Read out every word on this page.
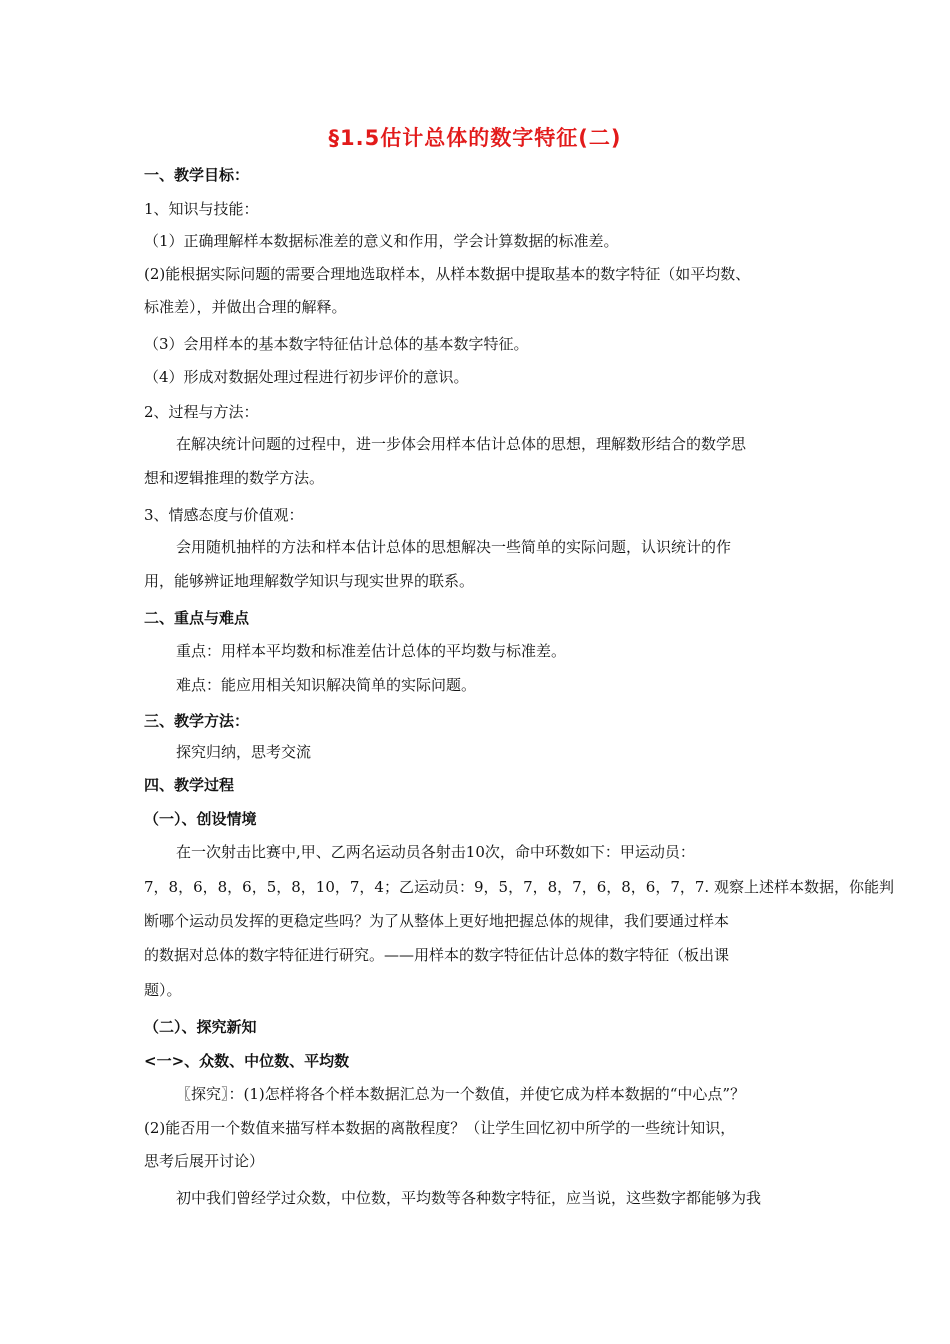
§1.5估计总体的数字特征(二)
一、教学目标：
1、知识与技能：
（1）正确理解样本数据标准差的意义和作用，学会计算数据的标准差。
(2)能根据实际问题的需要合理地选取样本，从样本数据中提取基本的数字特征（如平均数、
标准差），并做出合理的解释。
（3）会用样本的基本数字特征估计总体的基本数字特征。
（4）形成对数据处理过程进行初步评价的意识。
2、过程与方法：
在解决统计问题的过程中，进一步体会用样本估计总体的思想，理解数形结合的数学思
想和逻辑推理的数学方法。
3、情感态度与价值观：
会用随机抽样的方法和样本估计总体的思想解决一些简单的实际问题，认识统计的作
用，能够辨证地理解数学知识与现实世界的联系。
二、重点与难点
重点：用样本平均数和标准差估计总体的平均数与标准差。
难点：能应用相关知识解决简单的实际问题。
三、教学方法：
探究归纳，思考交流
四、教学过程
（一）、创设情境
在一次射击比赛中,甲、乙两名运动员各射击10次，命中环数如下：甲运动员：
7，8，6，8，6，5，8，10，7，4；乙运动员：9，5，7，8，7，6，8，6，7，7. 观察上述样本数据，你能判
断哪个运动员发挥的更稳定些吗？为了从整体上更好地把握总体的规律，我们要通过样本
的数据对总体的数字特征进行研究。——用样本的数字特征估计总体的数字特征（板出课
题）。
（二）、探究新知
<一>、众数、中位数、平均数
〖探究〗：(1)怎样将各个样本数据汇总为一个数值，并使它成为样本数据的“中心点”？
(2)能否用一个数值来描写样本数据的离散程度？（让学生回忆初中所学的一些统计知识，
思考后展开讨论）
初中我们曾经学过众数，中位数，平均数等各种数字特征，应当说，这些数字都能够为我
